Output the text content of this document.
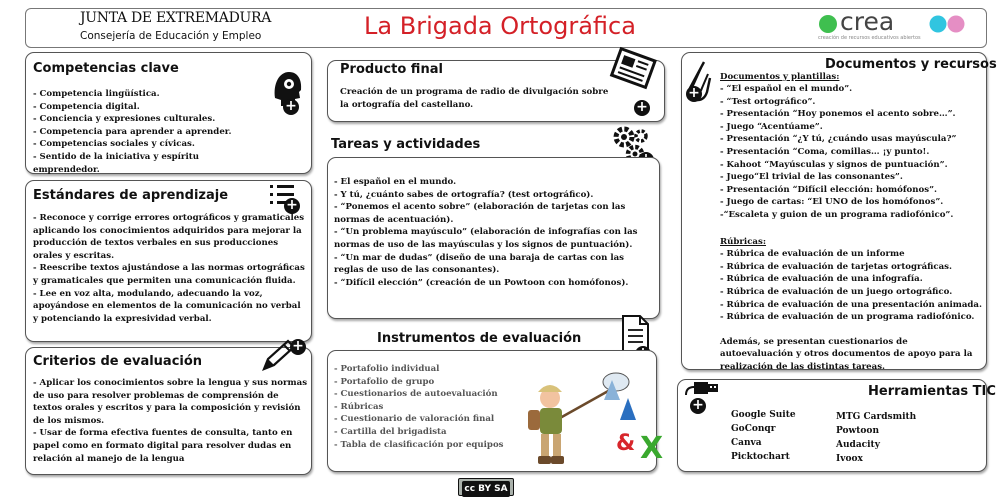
JUNTA DE EXTREMADURA
Consejería de Educación y Empleo	La Brigada Ortográfica	crea
creación de recursos educativos abiertos
Competencias clave
+
- Competencia lingüística.
- Competencia digital.
- Conciencia y expresiones culturales.
- Competencia para aprender a aprender.
- Competencias sociales y cívicas.
- Sentido de la iniciativa y espíritu emprendedor.
Estándares de aprendizaje
+
- Reconoce y corrige errores ortográficos y gramaticales aplicando los conocimientos adquiridos para mejorar la producción de textos verbales en sus producciones orales y escritas.
- Reescribe textos ajustándose a las normas ortográficas y gramaticales que permiten una comunicación fluida.
- Lee en voz alta, modulando, adecuando la voz, apoyándose en elementos de la comunicación no verbal y potenciando la expresividad verbal.
Criterios de evaluación
+
- Aplicar los conocimientos sobre la lengua y sus normas de uso para resolver problemas de comprensión de textos orales y escritos y para la composición y revisión de los mismos.
- Usar de forma efectiva fuentes de consulta, tanto en papel como en formato digital para resolver dudas en relación al manejo de la lengua
Producto final
+
Creación de un programa de radio de divulgación sobre la ortografía del castellano.
Tareas y actividades
- El español en el mundo.
- Y tú, ¿cuánto sabes de ortografía? (test ortográfico).
- “Ponemos el acento sobre” (elaboración de tarjetas con las normas de acentuación).
- “Un problema mayúsculo” (elaboración de infografías con las normas de uso de las mayúsculas y los signos de puntuación).
- “Un mar de dudas” (diseño de una baraja de cartas con las reglas de uso de las consonantes).
- “Difícil elección” (creación de un Powtoon con homófonos).
Instrumentos de evaluación
- Portafolio individual
- Portafolio de grupo
- Cuestionarios de autoevaluación
- Rúbricas
- Cuestionario de valoración final
- Cartilla del brigadista
- Tabla de clasificación por equipos	& X
+
Documentos y recursos
Documentos y plantillas:
- “El español en el mundo”.
- “Test ortográfico”.
- Presentación “Hoy ponemos el acento sobre…”.
- Juego “Acentúame”.
- Presentación “¿Y tú, ¿cuándo usas mayúscula?”
- Presentación “Coma, comillas… ¡y punto!.
- Kahoot “Mayúsculas y signos de puntuación”.
- Juego“El trivial de las consonantes”.
- Presentación “Difícil elección: homófonos”.
- Juego de cartas: “El UNO de los homófonos”.
-“Escaleta y guion de un programa radiofónico”.
Rúbricas:
- Rúbrica de evaluación de un informe
- Rúbrica de evaluación de tarjetas ortográficas.
- Rúbrica de evaluación de una infografía.
- Rúbrica de evaluación de un juego ortográfico.
- Rúbrica de evaluación de una presentación animada.
- Rúbrica de evaluación de un programa radiofónico.
Además, se presentan cuestionarios de autoevaluación y otros documentos de apoyo para la realización de las distintas tareas.
+
Herramientas TIC
Google Suite
GoConqr
Canva
Picktochart
MTG Cardsmith
Powtoon
Audacity
Ivoox
cc BY SA
